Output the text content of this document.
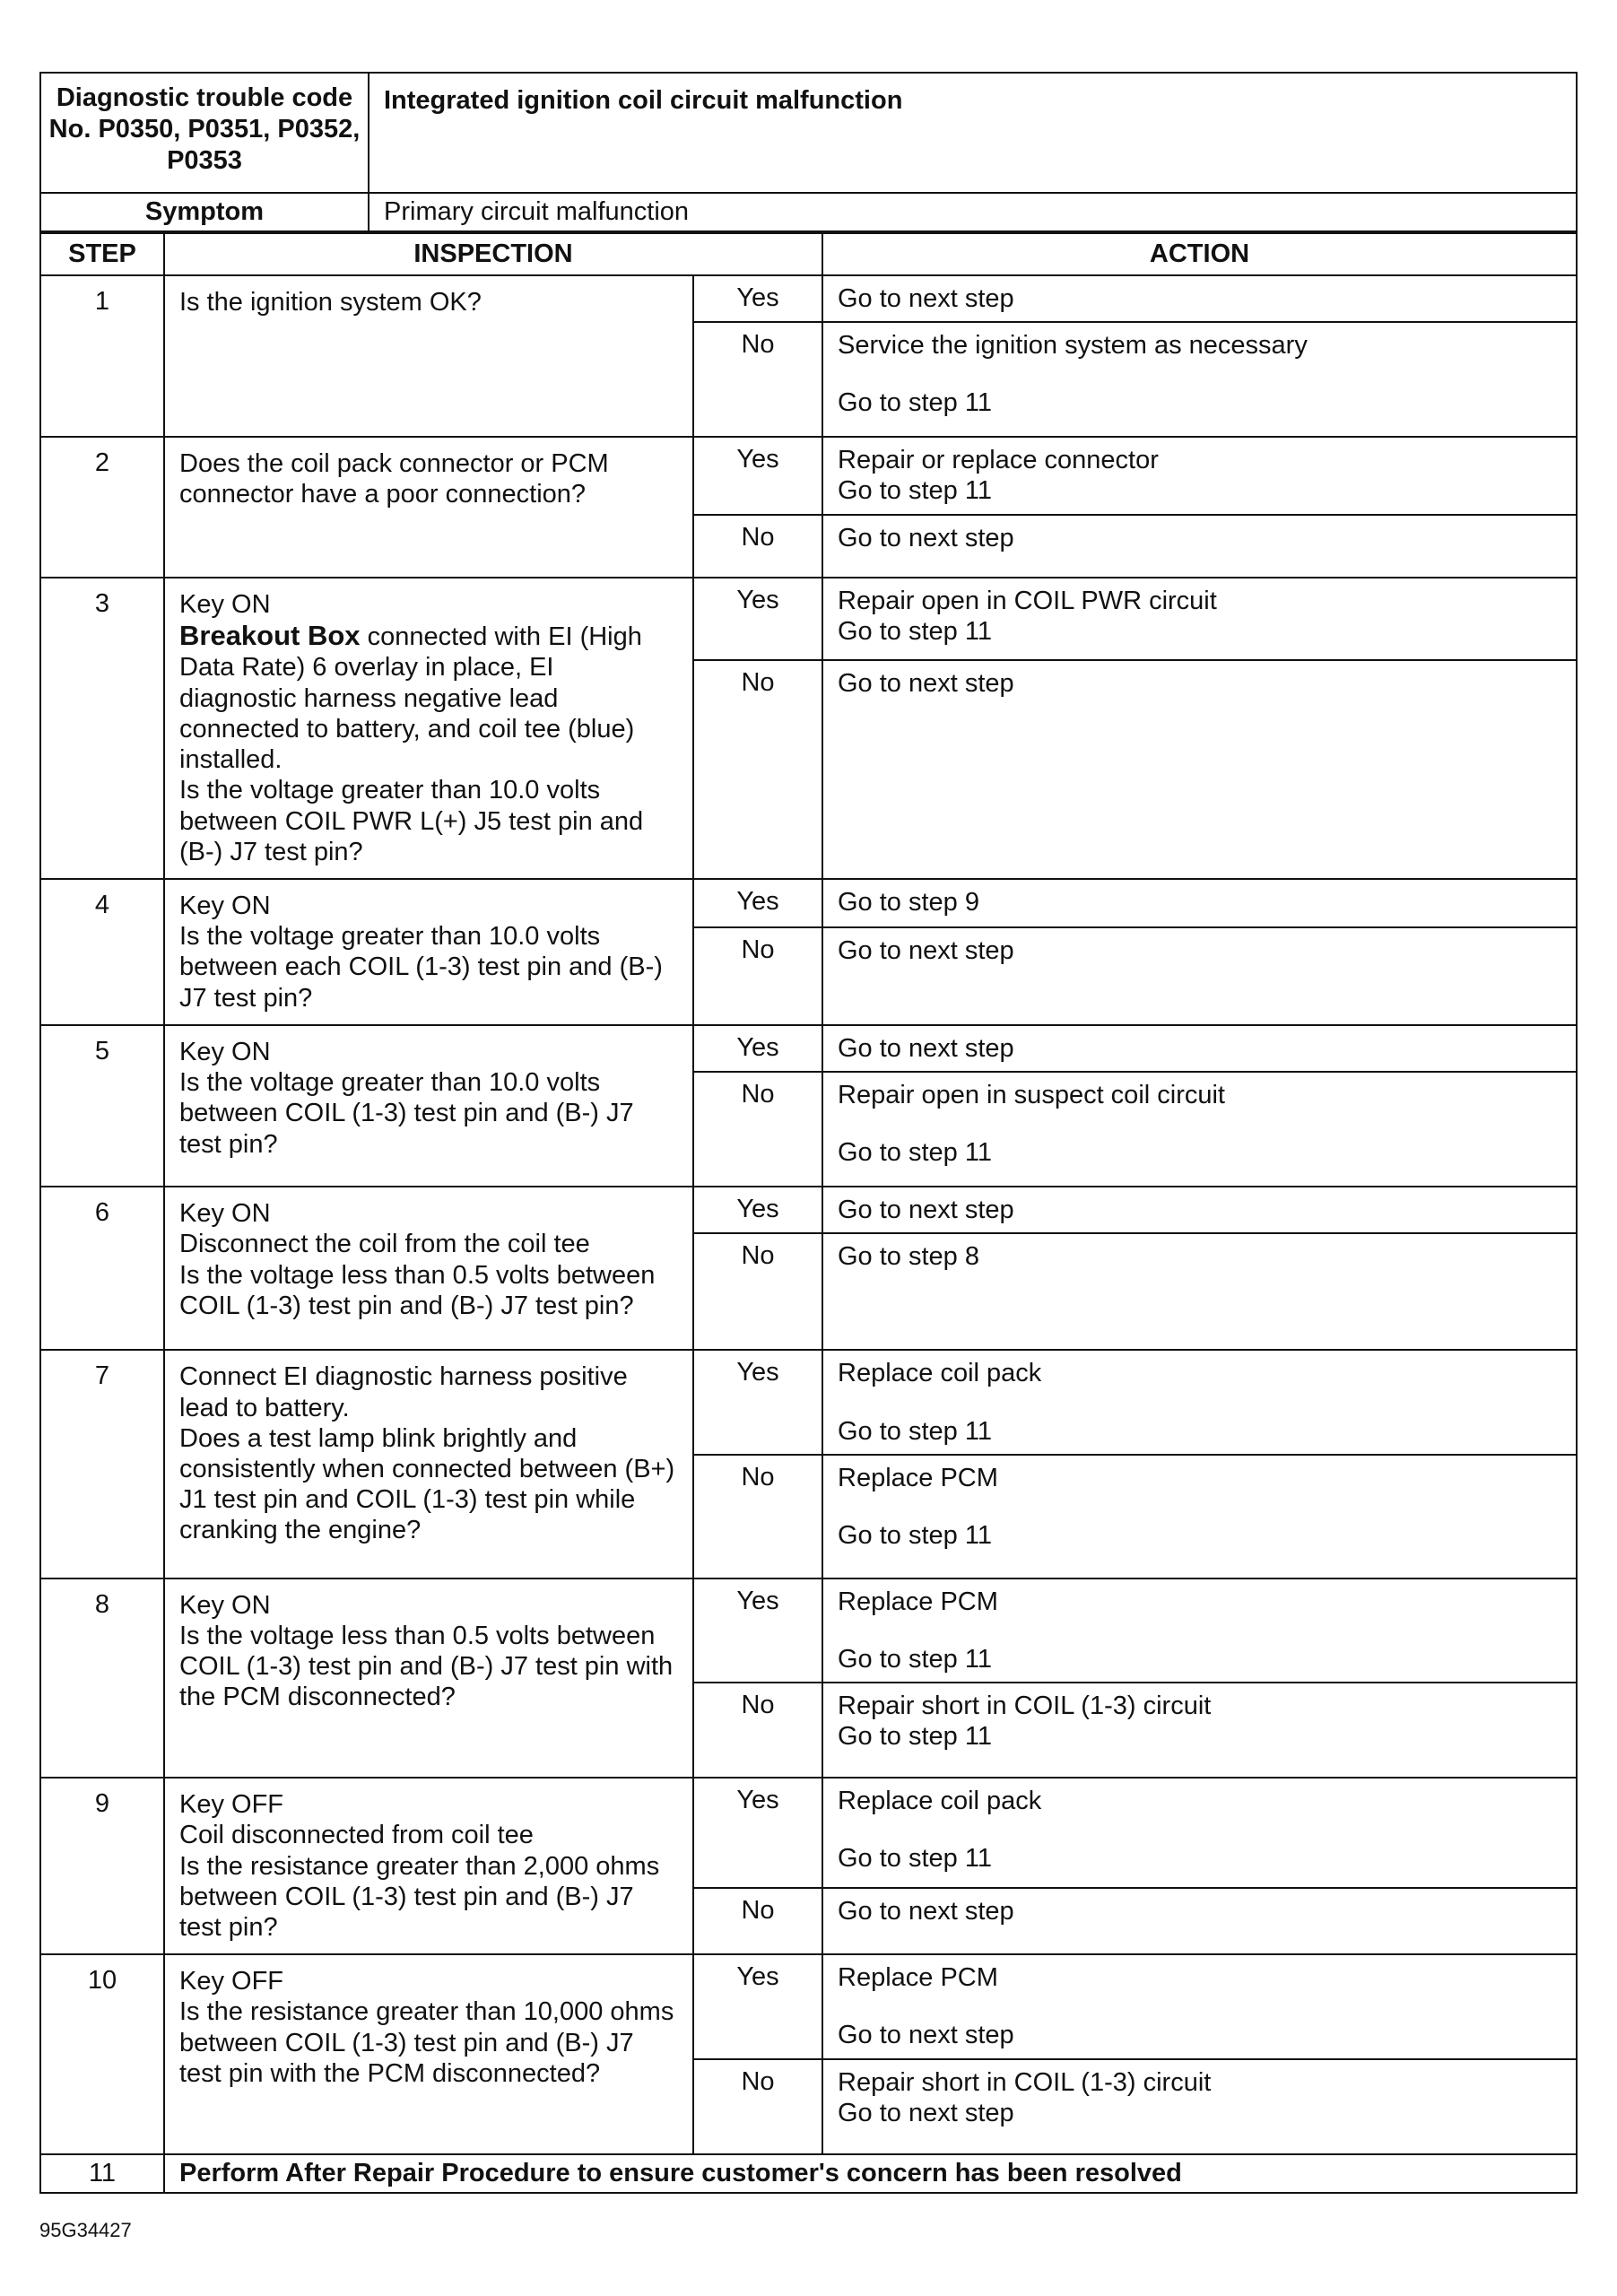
Diagnostic trouble code No. P0350, P0351, P0352, P0353	Integrated ignition coil circuit malfunction
Symptom	Primary circuit malfunction
STEP	INSPECTION		ACTION
1	Is the ignition system OK?	Yes	Go to next step
		No	Service the ignition system as necessary
Go to step 11
2	Does the coil pack connector or PCM connector have a poor connection?	Yes	Repair or replace connector
Go to step 11
		No	Go to next step
3	Key ON
Breakout Box connected with EI (High Data Rate) 6 overlay in place, EI diagnostic harness negative lead connected to battery, and coil tee (blue) installed.
Is the voltage greater than 10.0 volts between COIL PWR L(+) J5 test pin and (B-) J7 test pin?	Yes	Repair open in COIL PWR circuit
Go to step 11
		No	Go to next step
4	Key ON
Is the voltage greater than 10.0 volts between each COIL (1-3) test pin and (B-) J7 test pin?	Yes	Go to step 9
		No	Go to next step
5	Key ON
Is the voltage greater than 10.0 volts between COIL (1-3) test pin and (B-) J7 test pin?	Yes	Go to next step
		No	Repair open in suspect coil circuit
Go to step 11
6	Key ON
Disconnect the coil from the coil tee
Is the voltage less than 0.5 volts between COIL (1-3) test pin and (B-) J7 test pin?	Yes	Go to next step
		No	Go to step 8
7	Connect EI diagnostic harness positive lead to battery.
Does a test lamp blink brightly and consistently when connected between (B+) J1 test pin and COIL (1-3) test pin while cranking the engine?	Yes	Replace coil pack
Go to step 11
		No	Replace PCM
Go to step 11
8	Key ON
Is the voltage less than 0.5 volts between COIL (1-3) test pin and (B-) J7 test pin with the PCM disconnected?	Yes	Replace PCM
Go to step 11
		No	Repair short in COIL (1-3) circuit
Go to step 11
9	Key OFF
Coil disconnected from coil tee
Is the resistance greater than 2,000 ohms between COIL (1-3) test pin and (B-) J7 test pin?	Yes	Replace coil pack
Go to step 11
		No	Go to next step
10	Key OFF
Is the resistance greater than 10,000 ohms between COIL (1-3) test pin and (B-) J7 test pin with the PCM disconnected?	Yes	Replace PCM
Go to next step
		No	Repair short in COIL (1-3) circuit
Go to next step
11	Perform After Repair Procedure to ensure customer's concern has been resolved		
95G34427
